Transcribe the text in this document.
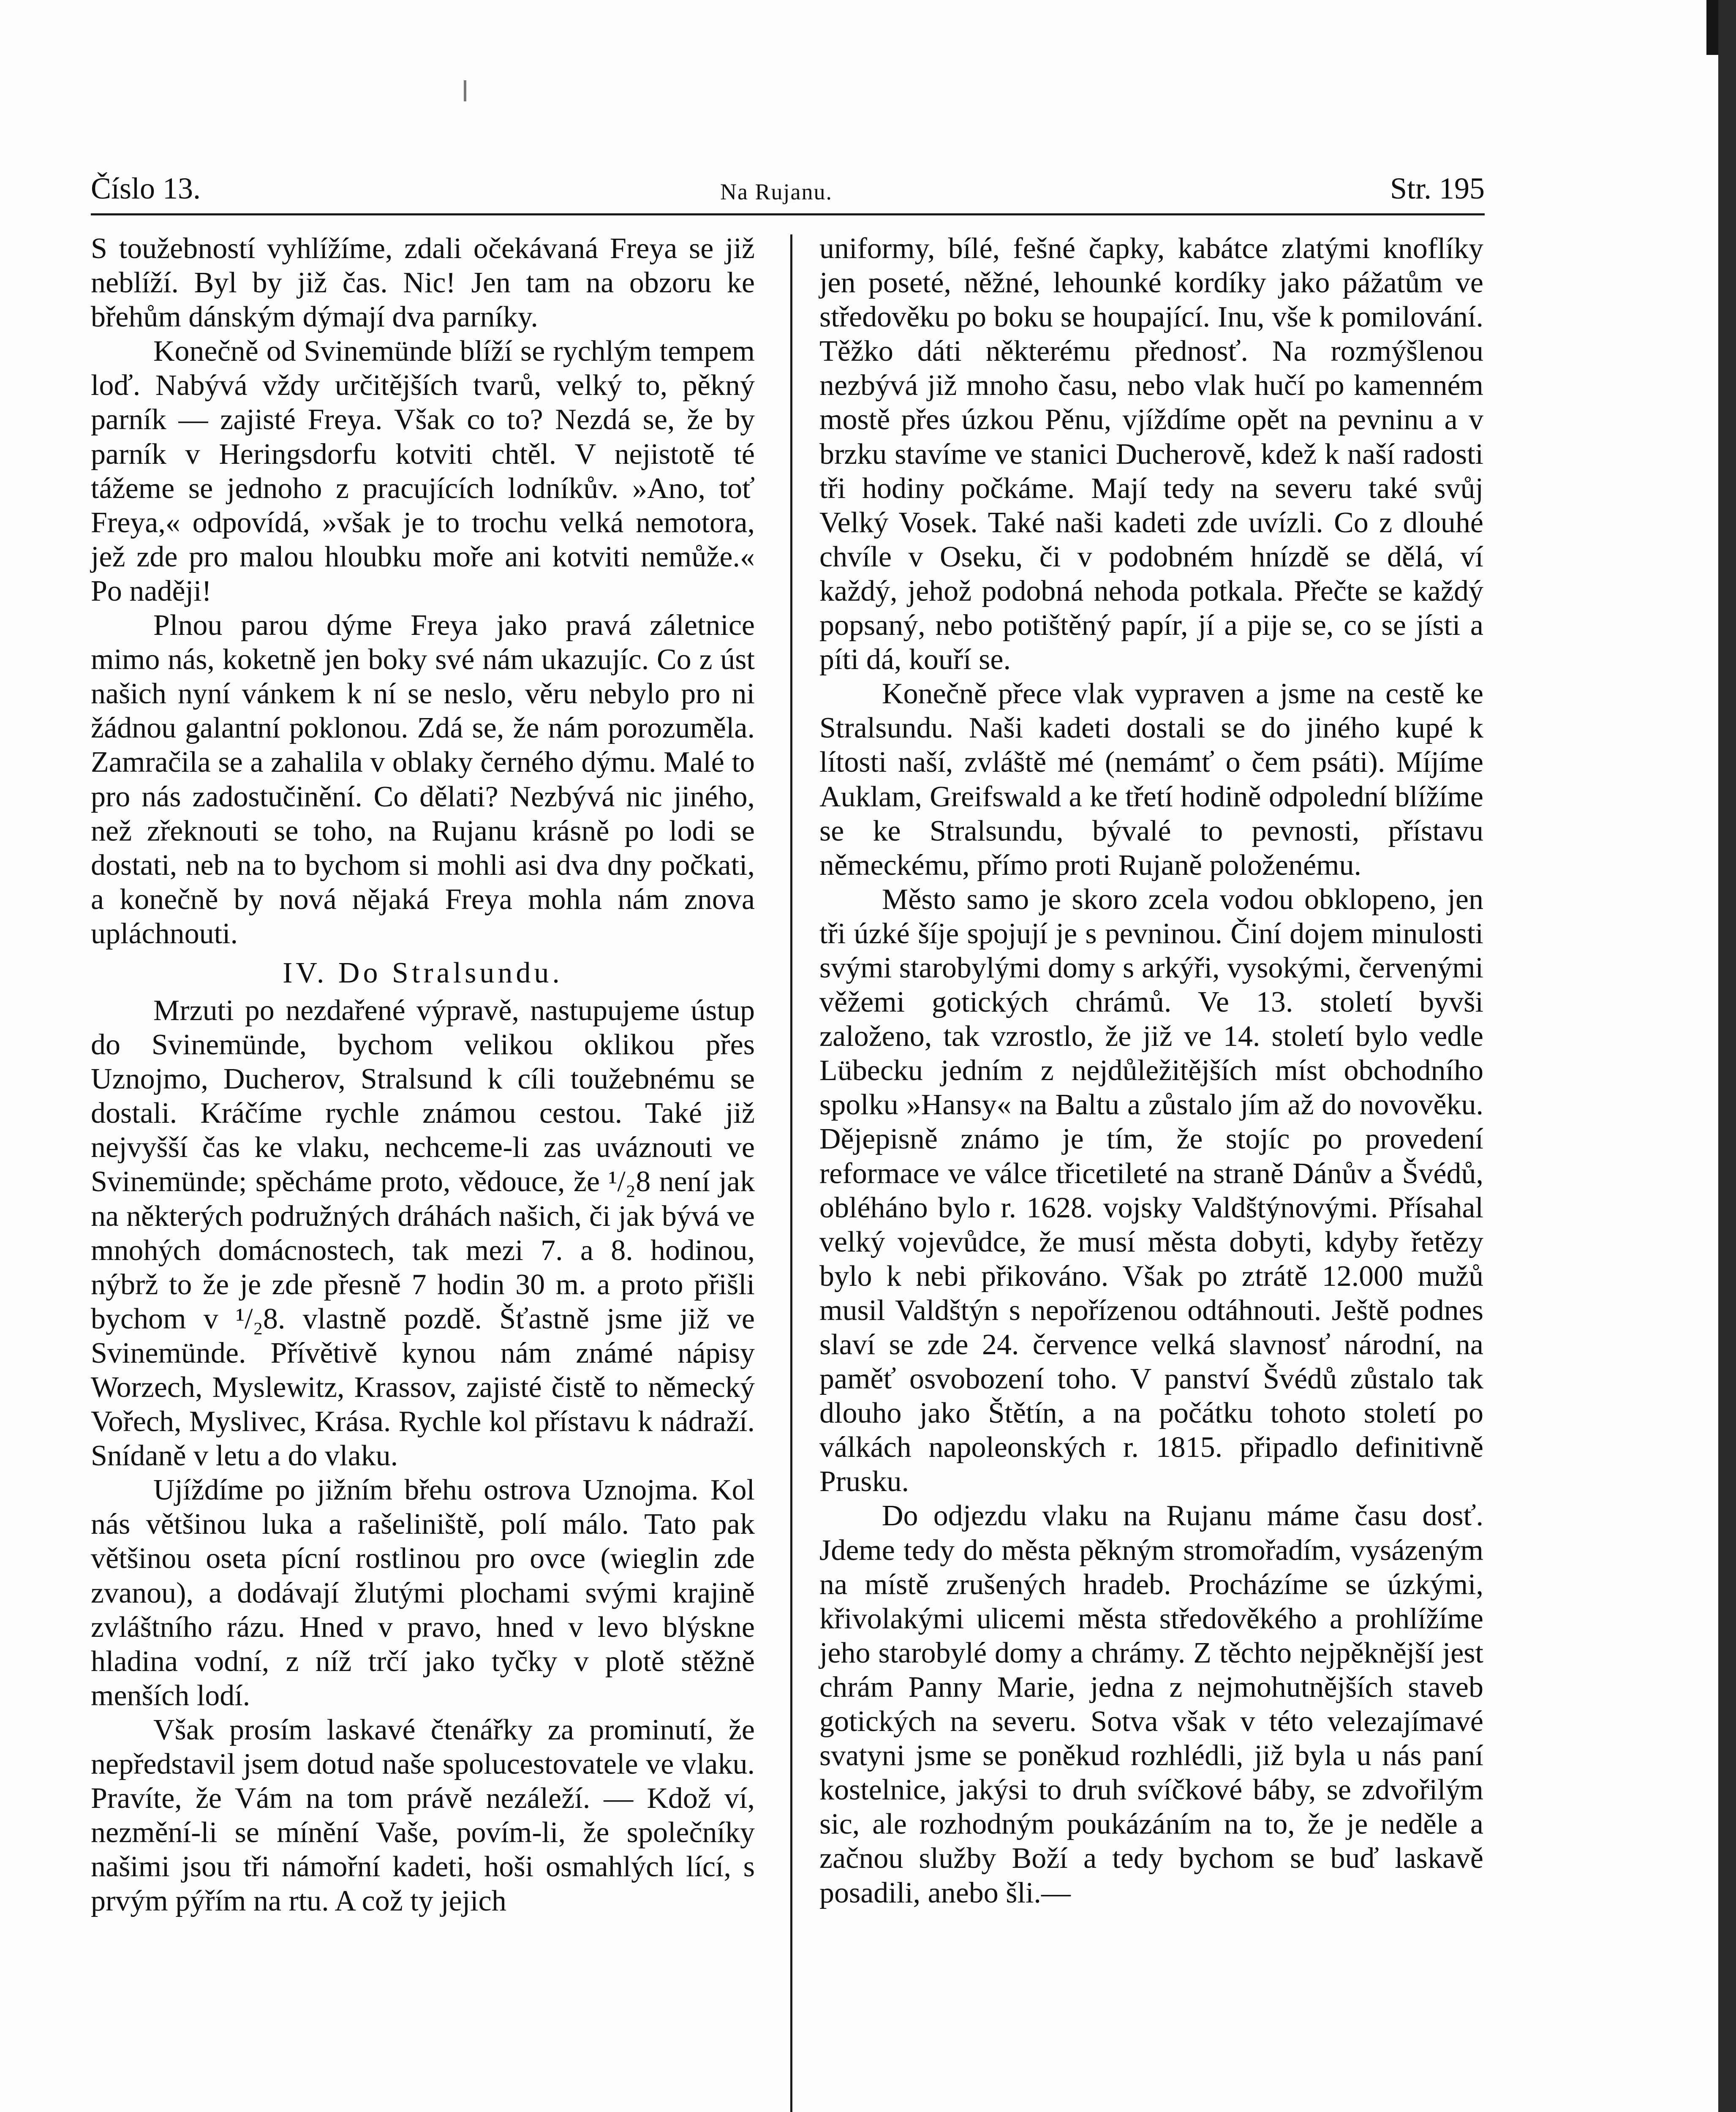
Číslo 13.	Na Rujanu.	Str. 195

S toužebností vyhlížíme, zdali očekávaná Freya se již neblíží. Byl by již čas. Nic! Jen tam na obzoru ke břehům dánským dýmají dva parníky.

Konečně od Svinemünde blíží se rychlým tempem loď. Nabývá vždy určitějších tvarů, velký to, pěkný parník — zajisté Freya. Však co to? Nezdá se, že by parník v Heringsdorfu kotviti chtěl. V nejistotě té tážeme se jednoho z pracujících lodníkův. »Ano, toť Freya,« odpovídá, »však je to trochu velká nemotora, jež zde pro malou hloubku moře ani kotviti nemůže.« Po naději!

Plnou parou dýme Freya jako pravá záletnice mimo nás, koketně jen boky své nám ukazujíc. Co z úst našich nyní vánkem k ní se neslo, věru nebylo pro ni žádnou galantní poklonou. Zdá se, že nám porozuměla. Zamračila se a zahalila v oblaky černého dýmu. Malé to pro nás zadostučinění. Co dělati? Nezbývá nic jiného, než zřeknouti se toho, na Rujanu krásně po lodi se dostati, neb na to bychom si mohli asi dva dny počkati, a konečně by nová nějaká Freya mohla nám znova upláchnouti.

IV. Do Stralsundu.

Mrzuti po nezdařené výpravě, nastupujeme ústup do Svinemünde, bychom velikou oklikou přes Uznojmo, Ducherov, Stralsund k cíli toužebnému se dostali. Kráčíme rychle známou cestou. Také již nejvyšší čas ke vlaku, nechceme-li zas uváznouti ve Svinemünde; spěcháme proto, vědouce, že ¹/₂8 není jak na některých podružných dráhách našich, či jak bývá ve mnohých domácnostech, tak mezi 7. a 8. hodinou, nýbrž to že je zde přesně 7 hodin 30 m. a proto přišli bychom v ¹/₂8. vlastně pozdě. Šťastně jsme již ve Svinemünde. Přívětivě kynou nám známé nápisy Worzech, Myslewitz, Krassov, zajisté čistě to německý Vořech, Myslivec, Krása. Rychle kol přístavu k nádraží. Snídaně v letu a do vlaku.

Ujíždíme po jižním břehu ostrova Uznojma. Kol nás většinou luka a rašeliniště, polí málo. Tato pak většinou oseta pícní rostlinou pro ovce (wieglin zde zvanou), a dodávají žlutými plochami svými krajině zvláštního rázu. Hned v pravo, hned v levo blýskne hladina vodní, z níž trčí jako tyčky v plotě stěžně menších lodí.

Však prosím laskavé čtenářky za prominutí, že nepředstavil jsem dotud naše spolucestovatele ve vlaku. Pravíte, že Vám na tom právě nezáleží. — Kdož ví, nezmění-li se mínění Vaše, povím-li, že společníky našimi jsou tři námořní kadeti, hoši osmahlých lící, s prvým pýřím na rtu. A což ty jejich

uniformy, bílé, fešné čapky, kabátce zlatými knoflíky jen poseté, něžné, lehounké kordíky jako pážatům ve středověku po boku se houpající. Inu, vše k pomilování. Těžko dáti některému přednosť. Na rozmýšlenou nezbývá již mnoho času, nebo vlak hučí po kamenném mostě přes úzkou Pěnu, vjíždíme opět na pevninu a v brzku stavíme ve stanici Ducherově, kdež k naší radosti tři hodiny počkáme. Mají tedy na severu také svůj Velký Vosek. Také naši kadeti zde uvízli. Co z dlouhé chvíle v Oseku, či v podobném hnízdě se dělá, ví každý, jehož podobná nehoda potkala. Přečte se každý popsaný, nebo potištěný papír, jí a pije se, co se jísti a píti dá, kouří se.

Konečně přece vlak vypraven a jsme na cestě ke Stralsundu. Naši kadeti dostali se do jiného kupé k lítosti naší, zvláště mé (nemámť o čem psáti). Míjíme Auklam, Greifswald a ke třetí hodině odpolední blížíme se ke Stralsundu, bývalé to pevnosti, přístavu německému, přímo proti Rujaně položenému.

Město samo je skoro zcela vodou obklopeno, jen tři úzké šíje spojují je s pevninou. Činí dojem minulosti svými starobylými domy s arkýři, vysokými, červenými věžemi gotických chrámů. Ve 13. století byvši založeno, tak vzrostlo, že již ve 14. století bylo vedle Lübecku jedním z nejdůležitějších míst obchodního spolku »Hansy« na Baltu a zůstalo jím až do novověku. Dějepisně známo je tím, že stojíc po provedení reformace ve válce třicetileté na straně Dánův a Švédů, obléháno bylo r. 1628. vojsky Valdštýnovými. Přísahal velký vojevůdce, že musí města dobyti, kdyby řetězy bylo k nebi přikováno. Však po ztrátě 12.000 mužů musil Valdštýn s nepořízenou odtáhnouti. Ještě podnes slaví se zde 24. července velká slavnosť národní, na paměť osvobození toho. V panství Švédů zůstalo tak dlouho jako Štětín, a na počátku tohoto století po válkách napoleonských r. 1815. připadlo definitivně Prusku.

Do odjezdu vlaku na Rujanu máme času dosť. Jdeme tedy do města pěkným stromořadím, vysázeným na místě zrušených hradeb. Procházíme se úzkými, křivolakými ulicemi města středověkého a prohlížíme jeho starobylé domy a chrámy. Z těchto nejpěknější jest chrám Panny Marie, jedna z nejmohutnějších staveb gotických na severu. Sotva však v této velezajímavé svatyni jsme se poněkud rozhlédli, již byla u nás paní kostelnice, jakýsi to druh svíčkové báby, se zdvořilým sic, ale rozhodným poukázáním na to, že je neděle a začnou služby Boží a tedy bychom se buď laskavě posadili, anebo šli.—
